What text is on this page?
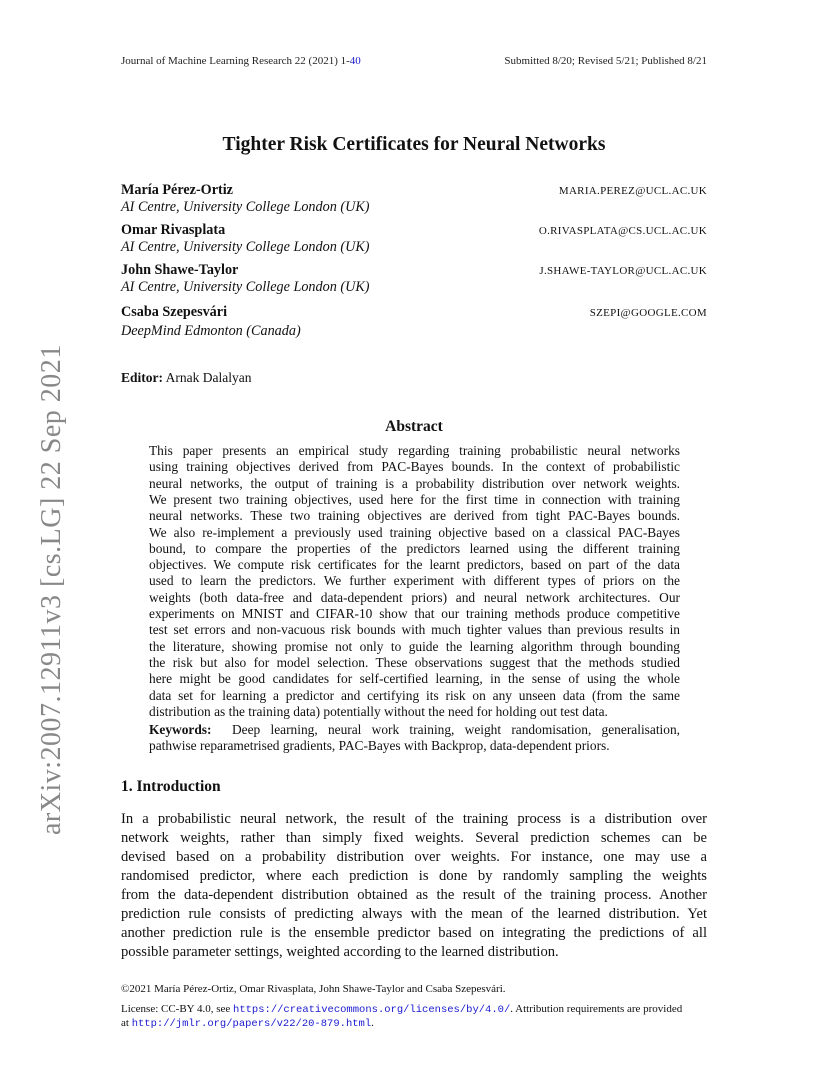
Journal of Machine Learning Research 22 (2021) 1-40	Submitted 8/20; Revised 5/21; Published 8/21
arXiv:2007.12911v3 [cs.LG] 22 Sep 2021
Tighter Risk Certificates for Neural Networks
María Pérez-Ortiz	MARIA.PEREZ@UCL.AC.UK
AI Centre, University College London (UK)
Omar Rivasplata	O.RIVASPLATA@CS.UCL.AC.UK
AI Centre, University College London (UK)
John Shawe-Taylor	J.SHAWE-TAYLOR@UCL.AC.UK
AI Centre, University College London (UK)
Csaba Szepesvári	SZEPI@GOOGLE.COM
DeepMind Edmonton (Canada)
Editor: Arnak Dalalyan
Abstract
This paper presents an empirical study regarding training probabilistic neural networks
using training objectives derived from PAC-Bayes bounds. In the context of probabilistic
neural networks, the output of training is a probability distribution over network weights.
We present two training objectives, used here for the first time in connection with training
neural networks. These two training objectives are derived from tight PAC-Bayes bounds.
We also re-implement a previously used training objective based on a classical PAC-Bayes
bound, to compare the properties of the predictors learned using the different training
objectives. We compute risk certificates for the learnt predictors, based on part of the data
used to learn the predictors. We further experiment with different types of priors on the
weights (both data-free and data-dependent priors) and neural network architectures. Our
experiments on MNIST and CIFAR-10 show that our training methods produce competitive
test set errors and non-vacuous risk bounds with much tighter values than previous results in
the literature, showing promise not only to guide the learning algorithm through bounding
the risk but also for model selection. These observations suggest that the methods studied
here might be good candidates for self-certified learning, in the sense of using the whole
data set for learning a predictor and certifying its risk on any unseen data (from the same
distribution as the training data) potentially without the need for holding out test data.
Keywords: Deep learning, neural work training, weight randomisation, generalisation,
pathwise reparametrised gradients, PAC-Bayes with Backprop, data-dependent priors.
1. Introduction
In a probabilistic neural network, the result of the training process is a distribution over
network weights, rather than simply fixed weights. Several prediction schemes can be
devised based on a probability distribution over weights. For instance, one may use a
randomised predictor, where each prediction is done by randomly sampling the weights
from the data-dependent distribution obtained as the result of the training process. Another
prediction rule consists of predicting always with the mean of the learned distribution. Yet
another prediction rule is the ensemble predictor based on integrating the predictions of all
possible parameter settings, weighted according to the learned distribution.
©2021 María Pérez-Ortiz, Omar Rivasplata, John Shawe-Taylor and Csaba Szepesvári.
License: CC-BY 4.0, see https://creativecommons.org/licenses/by/4.0/. Attribution requirements are provided
at http://jmlr.org/papers/v22/20-879.html.
